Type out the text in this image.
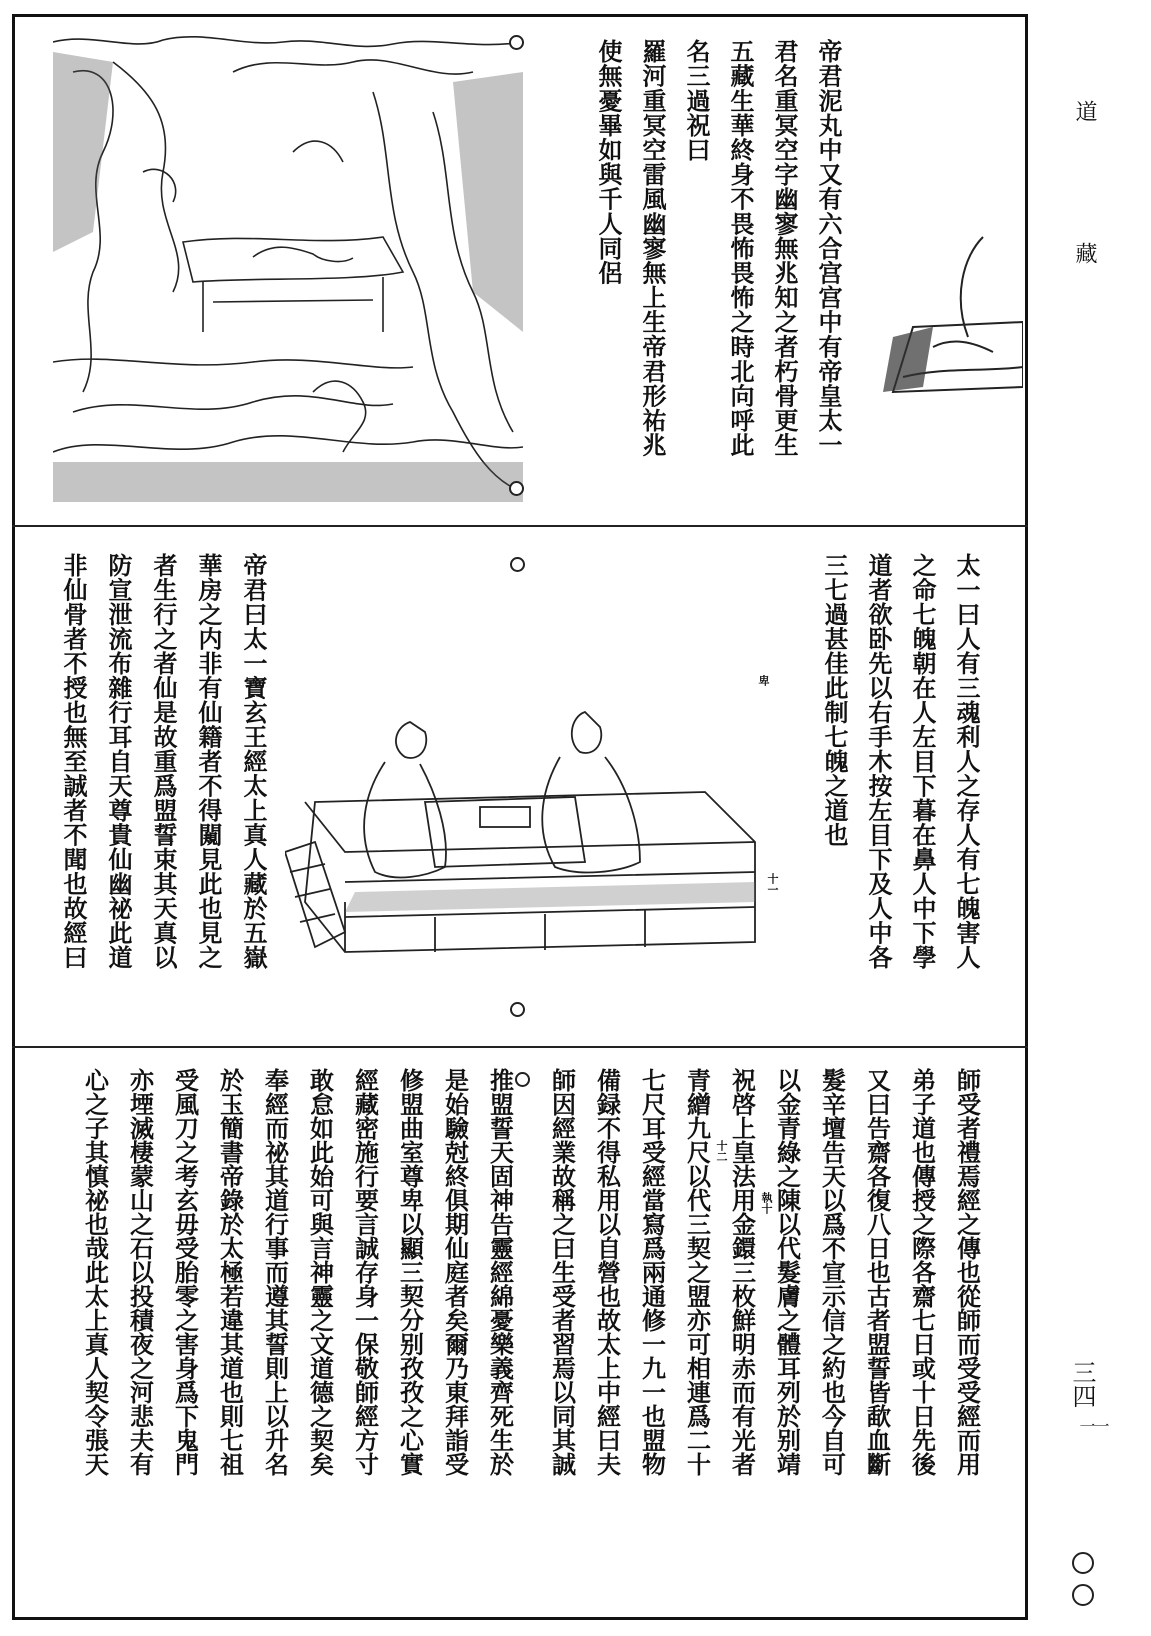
道
藏
三四
一
一
帝君泥丸中又有六合宫宫中有帝皇太一
君名重冥空字幽寥無兆知之者朽骨更生
五藏生華終身不畏怖畏怖之時北向呼此
名三過祝曰
羅河重冥空雷風幽寥無上生帝君形祐兆
使無憂畢如與千人同侶
太一曰人有三魂利人之存人有七魄害人
之命七魄朝在人左目下暮在鼻人中下學
道者欲卧先以右手木按左目下及人中各
三七過甚佳此制七魄之道也
卑
十一
帝君曰太一寶玄王經太上真人藏於五嶽
華房之内非有仙籍者不得闚見此也見之
者生行之者仙是故重爲盟誓束其天真以
防宣泄流布雜行耳自天尊貴仙幽祕此道
非仙骨者不授也無至誠者不聞也故經曰
執十
十二	師受者禮焉經之傳也從師而受受經而用
弟子道也傳授之際各齋七日或十日先後
又曰告齋各復八日也古者盟誓皆歃血斷
髮辛壇告天以爲不宣示信之約也今自可
以金青綠之陳以代髮膚之體耳列於别靖
祝啓上皇法用金鐶三枚鮮明赤而有光者
青繒九尺以代三契之盟亦可相連爲二十
七尺耳受經當寫爲兩通修一九一也盟物
備録不得私用以自營也故太上中經曰夫
師因經業故稱之曰生受者習焉以同其誠
推盟誓天固神告靈經綿憂樂義齊死生於
是始驗尅終俱期仙庭者矣爾乃東拜詣受
修盟曲室尊卑以顯三契分别孜孜之心實
經藏密施行要言誠存身一保敬師經方寸
敢怠如此始可與言神靈之文道德之契矣
奉經而祕其道行事而遵其誓則上以升名
於玉簡書帝錄於太極若違其道也則七祖
受風刀之考玄毋受胎零之害身爲下鬼門
亦堙滅棲蒙山之石以投積夜之河悲夫有
心之子其慎祕也哉此太上真人契令張天
